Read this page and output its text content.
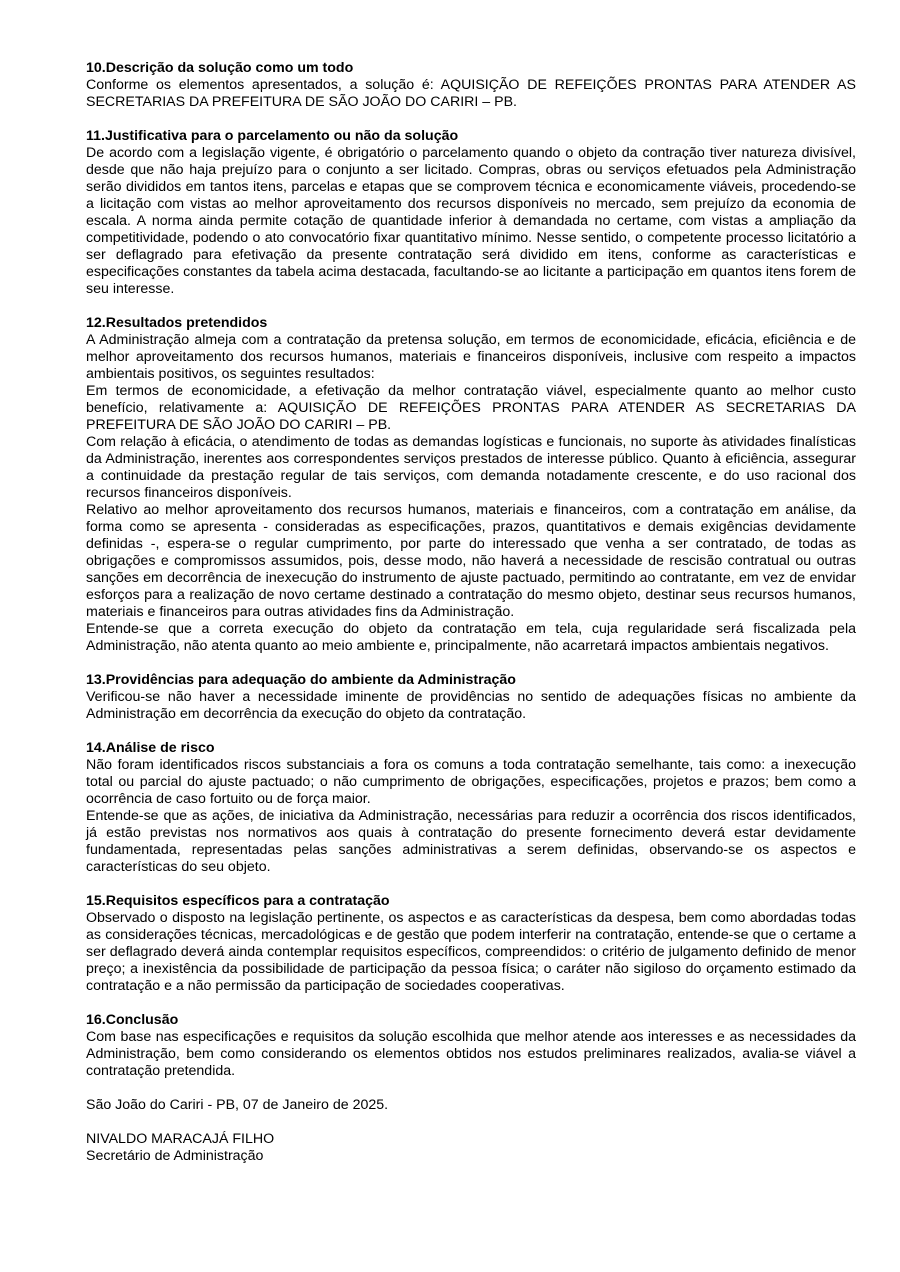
10.Descrição da solução como um todo
Conforme os elementos apresentados, a solução é: AQUISIÇÃO DE REFEIÇÕES PRONTAS PARA ATENDER AS SECRETARIAS DA PREFEITURA DE SÃO JOÃO DO CARIRI – PB.
11.Justificativa para o parcelamento ou não da solução
De acordo com a legislação vigente, é obrigatório o parcelamento quando o objeto da contração tiver natureza divisível, desde que não haja prejuízo para o conjunto a ser licitado. Compras, obras ou serviços efetuados pela Administração serão divididos em tantos itens, parcelas e etapas que se comprovem técnica e economicamente viáveis, procedendo-se a licitação com vistas ao melhor aproveitamento dos recursos disponíveis no mercado, sem prejuízo da economia de escala. A norma ainda permite cotação de quantidade inferior à demandada no certame, com vistas a ampliação da competitividade, podendo o ato convocatório fixar quantitativo mínimo. Nesse sentido, o competente processo licitatório a ser deflagrado para efetivação da presente contratação será dividido em itens, conforme as características e especificações constantes da tabela acima destacada, facultando-se ao licitante a participação em quantos itens forem de seu interesse.
12.Resultados pretendidos
A Administração almeja com a contratação da pretensa solução, em termos de economicidade, eficácia, eficiência e de melhor aproveitamento dos recursos humanos, materiais e financeiros disponíveis, inclusive com respeito a impactos ambientais positivos, os seguintes resultados:
Em termos de economicidade, a efetivação da melhor contratação viável, especialmente quanto ao melhor custo benefício, relativamente a: AQUISIÇÃO DE REFEIÇÕES PRONTAS PARA ATENDER AS SECRETARIAS DA PREFEITURA DE SÃO JOÃO DO CARIRI – PB.
Com relação à eficácia, o atendimento de todas as demandas logísticas e funcionais, no suporte às atividades finalísticas da Administração, inerentes aos correspondentes serviços prestados de interesse público. Quanto à eficiência, assegurar a continuidade da prestação regular de tais serviços, com demanda notadamente crescente, e do uso racional dos recursos financeiros disponíveis.
Relativo ao melhor aproveitamento dos recursos humanos, materiais e financeiros, com a contratação em análise, da forma como se apresenta - consideradas as especificações, prazos, quantitativos e demais exigências devidamente definidas -, espera-se o regular cumprimento, por parte do interessado que venha a ser contratado, de todas as obrigações e compromissos assumidos, pois, desse modo, não haverá a necessidade de rescisão contratual ou outras sanções em decorrência de inexecução do instrumento de ajuste pactuado, permitindo ao contratante, em vez de envidar esforços para a realização de novo certame destinado a contratação do mesmo objeto, destinar seus recursos humanos, materiais e financeiros para outras atividades fins da Administração.
Entende-se que a correta execução do objeto da contratação em tela, cuja regularidade será fiscalizada pela Administração, não atenta quanto ao meio ambiente e, principalmente, não acarretará impactos ambientais negativos.
13.Providências para adequação do ambiente da Administração
Verificou-se não haver a necessidade iminente de providências no sentido de adequações físicas no ambiente da Administração em decorrência da execução do objeto da contratação.
14.Análise de risco
Não foram identificados riscos substanciais a fora os comuns a toda contratação semelhante, tais como: a inexecução total ou parcial do ajuste pactuado; o não cumprimento de obrigações, especificações, projetos e prazos; bem como a ocorrência de caso fortuito ou de força maior.
Entende-se que as ações, de iniciativa da Administração, necessárias para reduzir a ocorrência dos riscos identificados, já estão previstas nos normativos aos quais à contratação do presente fornecimento deverá estar devidamente fundamentada, representadas pelas sanções administrativas a serem definidas, observando-se os aspectos e características do seu objeto.
15.Requisitos específicos para a contratação
Observado o disposto na legislação pertinente, os aspectos e as características da despesa, bem como abordadas todas as considerações técnicas, mercadológicas e de gestão que podem interferir na contratação, entende-se que o certame a ser deflagrado deverá ainda contemplar requisitos específicos, compreendidos: o critério de julgamento definido de menor preço; a inexistência da possibilidade de participação da pessoa física; o caráter não sigiloso do orçamento estimado da contratação e a não permissão da participação de sociedades cooperativas.
16.Conclusão
Com base nas especificações e requisitos da solução escolhida que melhor atende aos interesses e as necessidades da Administração, bem como considerando os elementos obtidos nos estudos preliminares realizados, avalia-se viável a contratação pretendida.
São João do Cariri - PB, 07 de Janeiro de 2025.
NIVALDO MARACAJÁ FILHO
Secretário de Administração
